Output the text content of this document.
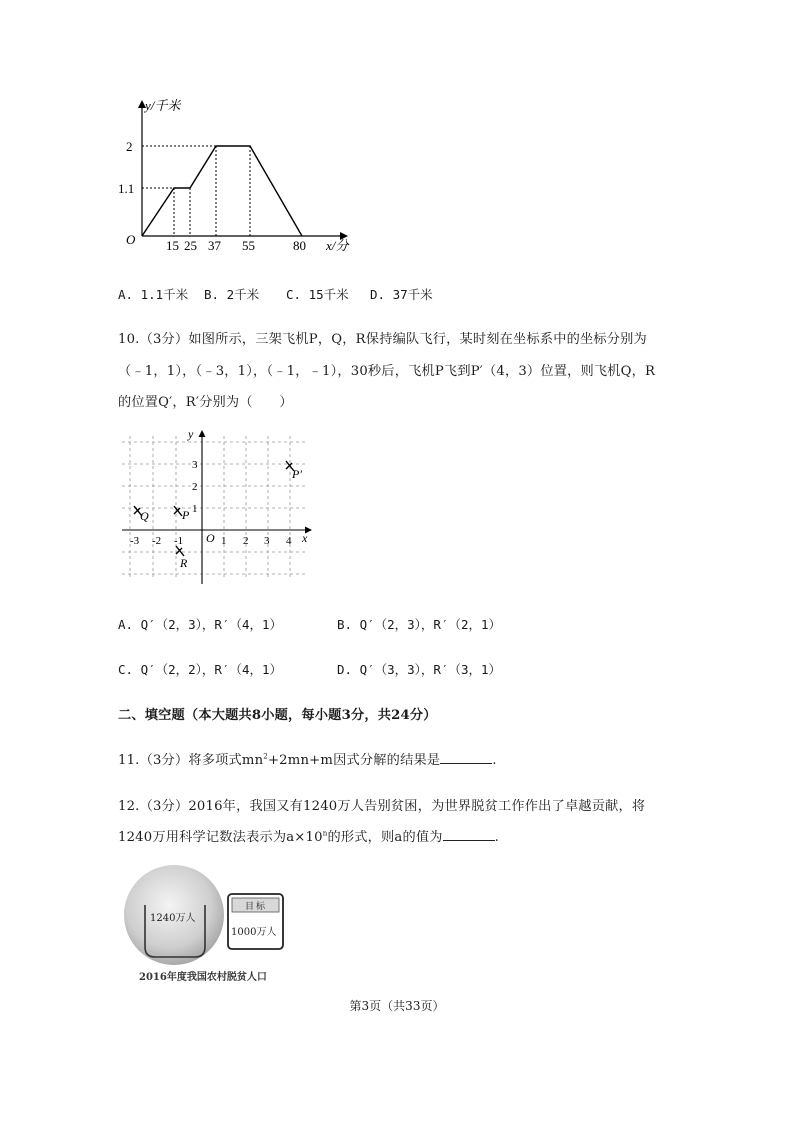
y/千米
x/分
O
2
1.1
15 25 37 55	80
A. 1.1千米 B. 2千米 C. 15千米 D. 37千米
10.（3分）如图所示，三架飞机P，Q，R保持编队飞行，某时刻在坐标系中的坐标分别为
（﹣1，1），（﹣3，1），（﹣1，﹣1），30秒后，飞机P飞到P′（4，3）位置，则飞机Q，R
的位置Q′，R′分别为（　　）
y
x
O
3
2
1
-3 -2 -1	1 2 3 4
Q	P
R
P′
A. Q′（2，3），R′（4，1）	B. Q′（2，3），R′（2，1）
C. Q′（2，2），R′（4，1）	D. Q′（3，3），R′（3，1）
二、填空题（本大题共8小题，每小题3分，共24分）
11.（3分）将多项式$mn^2+2mn+m$因式分解的结果是	.
12.（3分）2016年，我国又有1240万人告别贫困，为世界脱贫工作作出了卓越贡献，将
1240万用科学记数法表示为$a\times 10^n$的形式，则a的值为	.
1240万人
目标
1000万人
2016年度我国农村脱贫人口
第3页（共33页）
